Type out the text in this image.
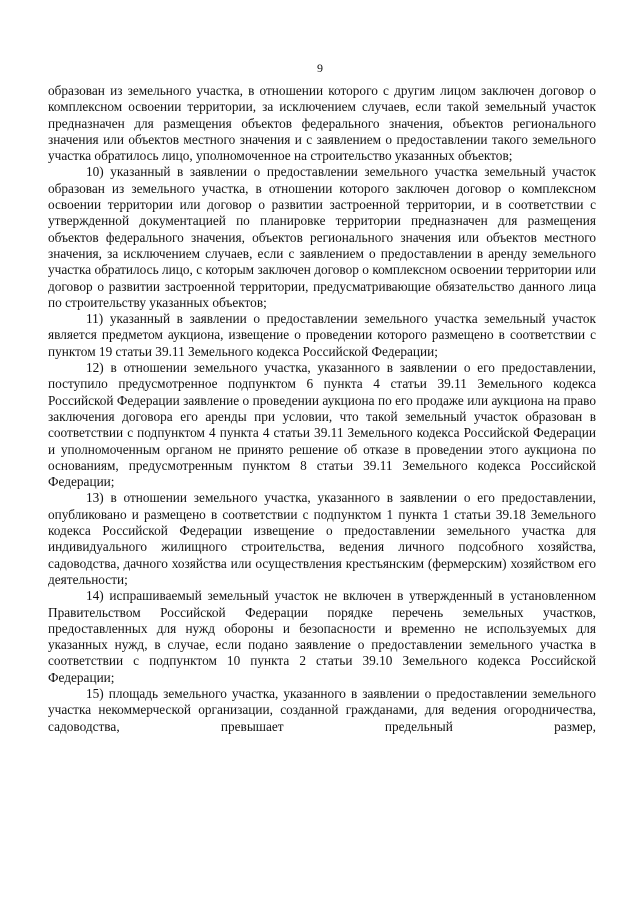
9

образован из земельного участка, в отношении которого с другим лицом заключен договор о комплексном освоении территории, за исключением случаев, если такой земельный участок предназначен для размещения объектов федерального значения, объектов регионального значения или объектов местного значения и с заявлением о предоставлении такого земельного участка обратилось лицо, уполномоченное на строительство указанных объектов;

10) указанный в заявлении о предоставлении земельного участка земельный участок образован из земельного участка, в отношении которого заключен договор о комплексном освоении территории или договор о развитии застроенной территории, и в соответствии с утвержденной документацией по планировке территории предназначен для размещения объектов федерального значения, объектов регионального значения или объектов местного значения, за исключением случаев, если с заявлением о предоставлении в аренду земельного участка обратилось лицо, с которым заключен договор о комплексном освоении территории или договор о развитии застроенной территории, предусматривающие обязательство данного лица по строительству указанных объектов;

11) указанный в заявлении о предоставлении земельного участка земельный участок является предметом аукциона, извещение о проведении которого размещено в соответствии с пунктом 19 статьи 39.11 Земельного кодекса Российской Федерации;

12) в отношении земельного участка, указанного в заявлении о его предоставлении, поступило предусмотренное подпунктом 6 пункта 4 статьи 39.11 Земельного кодекса Российской Федерации заявление о проведении аукциона по его продаже или аукциона на право заключения договора его аренды при условии, что такой земельный участок образован в соответствии с подпунктом 4 пункта 4 статьи 39.11 Земельного кодекса Российской Федерации и уполномоченным органом не принято решение об отказе в проведении этого аукциона по основаниям, предусмотренным пунктом 8 статьи 39.11 Земельного кодекса Российской Федерации;

13) в отношении земельного участка, указанного в заявлении о его предоставлении, опубликовано и размещено в соответствии с подпунктом 1 пункта 1 статьи 39.18 Земельного кодекса Российской Федерации извещение о предоставлении земельного участка для индивидуального жилищного строительства, ведения личного подсобного хозяйства, садоводства, дачного хозяйства или осуществления крестьянским (фермерским) хозяйством его деятельности;

14) испрашиваемый земельный участок не включен в утвержденный в установленном Правительством Российской Федерации порядке перечень земельных участков, предоставленных для нужд обороны и безопасности и временно не используемых для указанных нужд, в случае, если подано заявление о предоставлении земельного участка в соответствии с подпунктом 10 пункта 2 статьи 39.10 Земельного кодекса Российской Федерации;

15) площадь земельного участка, указанного в заявлении о предоставлении земельного участка некоммерческой организации, созданной гражданами, для ведения огородничества, садоводства, превышает предельный размер,
